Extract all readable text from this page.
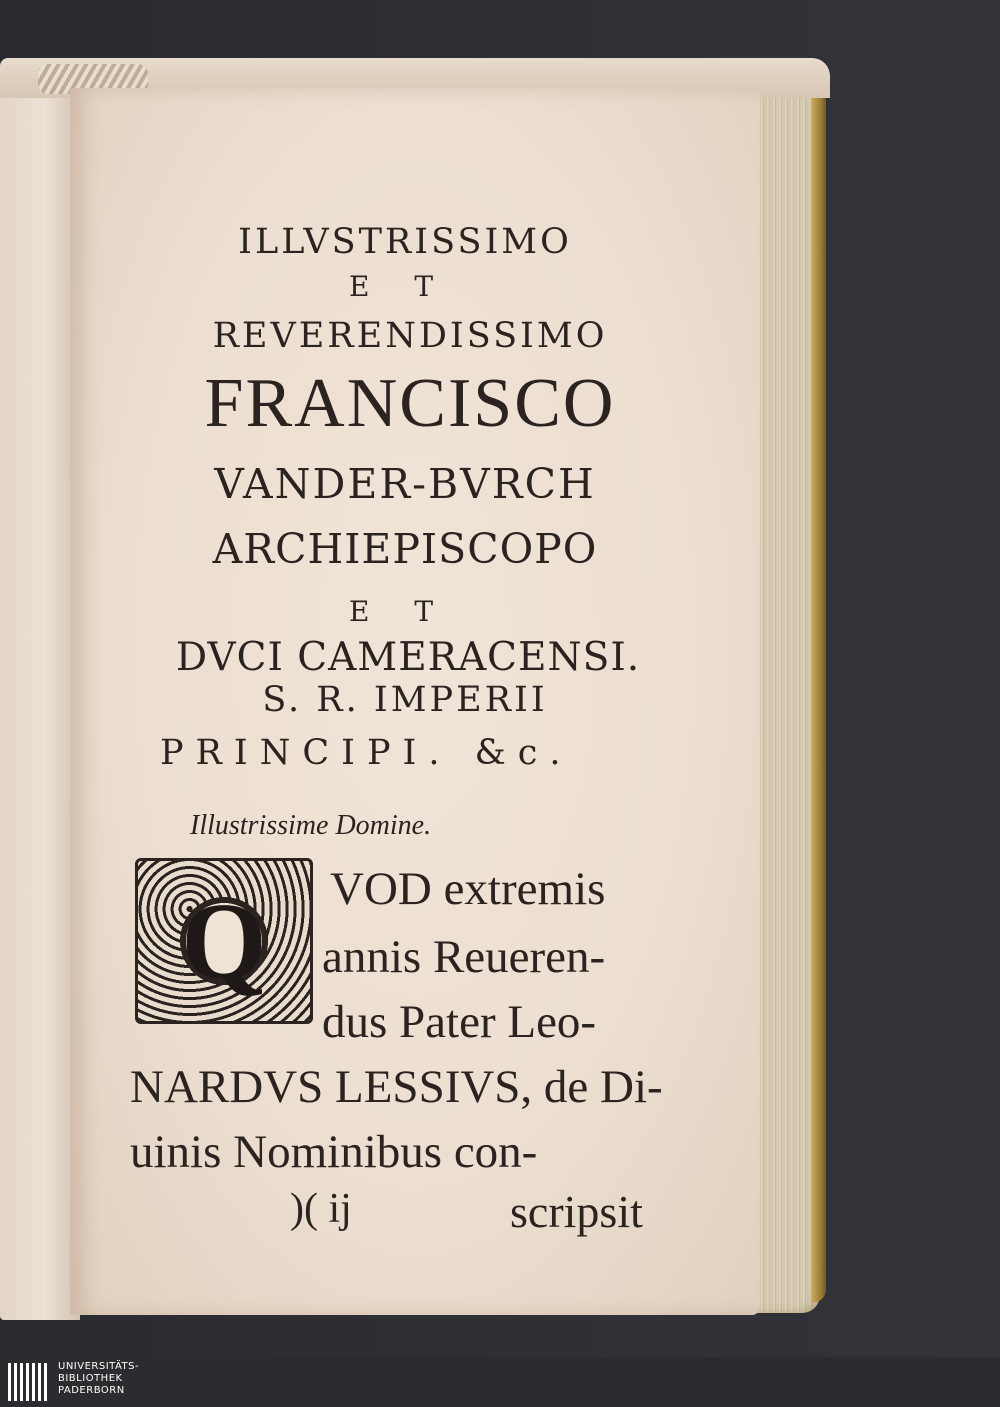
ILLVSTRISSIMO
E T
REVERENDISSIMO
FRANCISCO
VANDER-BVRCH
ARCHIEPISCOPO
E T
DVCI CAMERACENSI.
S. R. IMPERII
PRINCIPI. &c.
Illustrissime Domine.
Q	VOD extremis
annis Reueren-
dus Pater Leo-
NARDVS LESSIVS, de Di-
uinis Nominibus con-
)( ij	scripsit
UNIVERSITÄTS-
BIBLIOTHEK
PADERBORN
